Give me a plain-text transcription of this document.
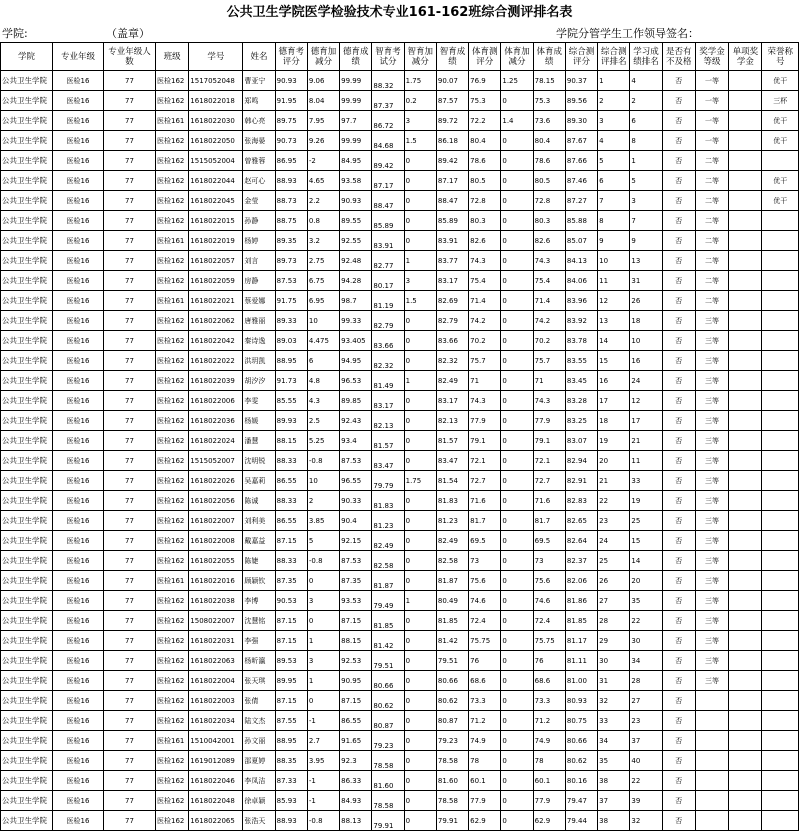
公共卫生学院医学检验技术专业161-162班综合测评排名表
学院:	（盖章）	学院分管学生工作领导签名：
学院	专业年级	专业年级人数	班级	学号	姓名	德育考评分	德育加减分	德育成绩	智育考试分	智育加减分	智育成绩	体育测评分	体育加减分	体育成绩	综合测评分	综合测评排名	学习成绩排名	是否有不及格	奖学金等级	单项奖学金	荣誉称号
公共卫生学院	医检16	77	医检162	1517052048	曹亚宁	90.93	9.06	99.99	88.32	1.75	90.07	76.9	1.25	78.15	90.37	1	4	否	一等		优干
公共卫生学院	医检16	77	医检162	1618022018	郑鸣	91.95	8.04	99.99	87.37	0.2	87.57	75.3	0	75.3	89.56	2	2	否	一等		三杯
公共卫生学院	医检16	77	医检161	1618022030	韩心亮	89.75	7.95	97.7	86.72	3	89.72	72.2	1.4	73.6	89.30	3	6	否	一等		优干
公共卫生学院	医检16	77	医检162	1618022050	张海晏	90.73	9.26	99.99	84.68	1.5	86.18	80.4	0	80.4	87.67	4	8	否	一等		优干
公共卫生学院	医检16	77	医检162	1515052004	曾雅蓉	86.95	-2	84.95	89.42	0	89.42	78.6	0	78.6	87.66	5	1	否	二等		
公共卫生学院	医检16	77	医检162	1618022044	赵可心	88.93	4.65	93.58	87.17	0	87.17	80.5	0	80.5	87.46	6	5	否	二等		优干
公共卫生学院	医检16	77	医检162	1618022045	金莹	88.73	2.2	90.93	88.47	0	88.47	72.8	0	72.8	87.27	7	3	否	二等		优干
公共卫生学院	医检16	77	医检162	1618022015	孙静	88.75	0.8	89.55	85.89	0	85.89	80.3	0	80.3	85.88	8	7	否	二等		
公共卫生学院	医检16	77	医检161	1618022019	杨婷	89.35	3.2	92.55	83.91	0	83.91	82.6	0	82.6	85.07	9	9	否	二等		
公共卫生学院	医检16	77	医检162	1618022057	刘言	89.73	2.75	92.48	82.77	1	83.77	74.3	0	74.3	84.13	10	13	否	二等		
公共卫生学院	医检16	77	医检162	1618022059	房静	87.53	6.75	94.28	80.17	3	83.17	75.4	0	75.4	84.06	11	31	否	二等		
公共卫生学院	医检16	77	医检161	1618022021	蔡爱娜	91.75	6.95	98.7	81.19	1.5	82.69	71.4	0	71.4	83.96	12	26	否	二等		
公共卫生学院	医检16	77	医检162	1618022062	唐雅丽	89.33	10	99.33	82.79	0	82.79	74.2	0	74.2	83.92	13	18	否	三等		
公共卫生学院	医检16	77	医检162	1618022042	秦诗逸	89.03	4.475	93.405	83.66	0	83.66	70.2	0	70.2	83.78	14	10	否	三等		
公共卫生学院	医检16	77	医检162	1618022022	洪玥凯	88.95	6	94.95	82.32	0	82.32	75.7	0	75.7	83.55	15	16	否	三等		
公共卫生学院	医检16	77	医检162	1618022039	胡汐汐	91.73	4.8	96.53	81.49	1	82.49	71	0	71	83.45	16	24	否	三等		
公共卫生学院	医检16	77	医检162	1618022006	李雯	85.55	4.3	89.85	83.17	0	83.17	74.3	0	74.3	83.28	17	12	否	三等		
公共卫生学院	医检16	77	医检162	1618022036	杨媛	89.93	2.5	92.43	82.13	0	82.13	77.9	0	77.9	83.25	18	17	否	三等		
公共卫生学院	医检16	77	医检162	1618022024	潘慧	88.15	5.25	93.4	81.57	0	81.57	79.1	0	79.1	83.07	19	21	否	三等		
公共卫生学院	医检16	77	医检162	1515052007	沈明锐	88.33	-0.8	87.53	83.47	0	83.47	72.1	0	72.1	82.94	20	11	否	三等		
公共卫生学院	医检16	77	医检162	1618022026	吴嘉莉	86.55	10	96.55	79.79	1.75	81.54	72.7	0	72.7	82.91	21	33	否	三等		
公共卫生学院	医检16	77	医检162	1618022056	陈诚	88.33	2	90.33	81.83	0	81.83	71.6	0	71.6	82.83	22	19	否	三等		
公共卫生学院	医检16	77	医检162	1618022007	刘利美	86.55	3.85	90.4	81.23	0	81.23	81.7	0	81.7	82.65	23	25	否	三等		
公共卫生学院	医检16	77	医检162	1618022008	戴嘉益	87.15	5	92.15	82.49	0	82.49	69.5	0	69.5	82.64	24	15	否	三等		
公共卫生学院	医检16	77	医检162	1618022055	陈婕	88.33	-0.8	87.53	82.58	0	82.58	73	0	73	82.37	25	14	否	三等		
公共卫生学院	医检16	77	医检161	1618022016	顾颖钦	87.35	0	87.35	81.87	0	81.87	75.6	0	75.6	82.06	26	20	否	三等		
公共卫生学院	医检16	77	医检162	1618022038	李博	90.53	3	93.53	79.49	1	80.49	74.6	0	74.6	81.86	27	35	否	三等		
公共卫生学院	医检16	77	医检162	1508022007	沈慧铭	87.15	0	87.15	81.85	0	81.85	72.4	0	72.4	81.85	28	22	否	三等		
公共卫生学院	医检16	77	医检162	1618022031	李强	87.15	1	88.15	81.42	0	81.42	75.75	0	75.75	81.17	29	30	否	三等		
公共卫生学院	医检16	77	医检162	1618022063	杨昕瀛	89.53	3	92.53	79.51	0	79.51	76	0	76	81.11	30	34	否	三等		
公共卫生学院	医检16	77	医检162	1618022004	张天琪	89.95	1	90.95	80.66	0	80.66	68.6	0	68.6	81.00	31	28	否	三等		
公共卫生学院	医检16	77	医检162	1618022003	张倩	87.15	0	87.15	80.62	0	80.62	73.3	0	73.3	80.93	32	27	否			
公共卫生学院	医检16	77	医检162	1618022034	陆文杰	87.55	-1	86.55	80.87	0	80.87	71.2	0	71.2	80.75	33	23	否			
公共卫生学院	医检16	77	医检161	1510042001	孙文丽	88.95	2.7	91.65	79.23	0	79.23	74.9	0	74.9	80.66	34	37	否			
公共卫生学院	医检16	77	医检162	1619012089	邵夏婷	88.35	3.95	92.3	78.58	0	78.58	78	0	78	80.62	35	40	否			
公共卫生学院	医检16	77	医检162	1618022046	李凤洁	87.33	-1	86.33	81.60	0	81.60	60.1	0	60.1	80.16	38	22	否			
公共卫生学院	医检16	77	医检162	1618022048	徐卓颖	85.93	-1	84.93	78.58	0	78.58	77.9	0	77.9	79.47	37	39	否			
公共卫生学院	医检16	77	医检162	1618022065	张浩天	88.93	-0.8	88.13	79.91	0	79.91	62.9	0	62.9	79.44	38	32	否			
